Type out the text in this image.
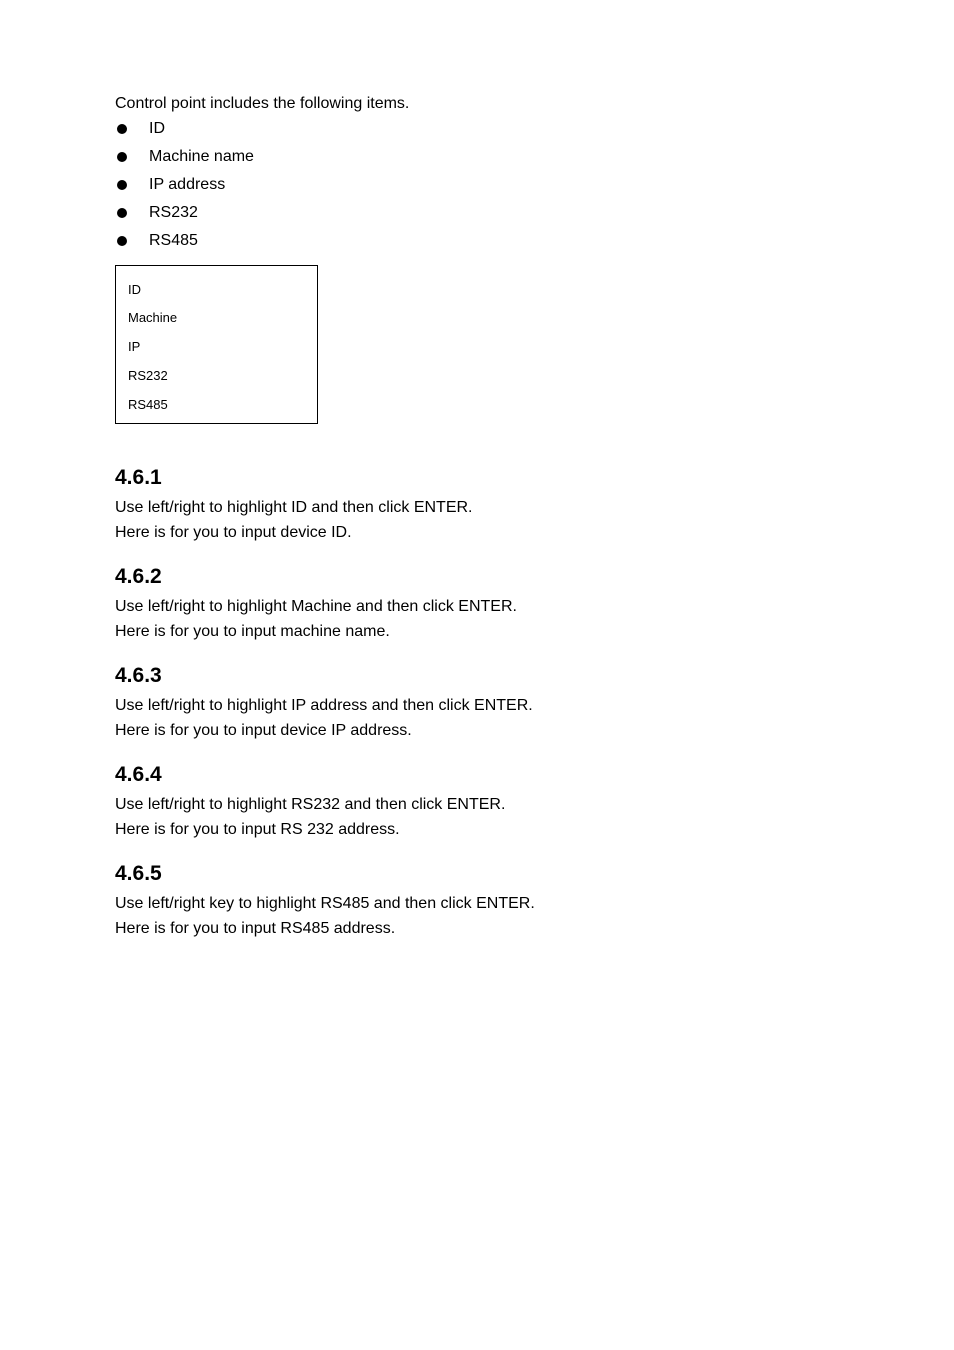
Control point includes the following items.

ID
Machine name
IP address
RS232
RS485
ID
Machine
IP
RS232
RS485
4.6.1

Use left/right to highlight ID and then click ENTER.

Here is for you to input device ID.

4.6.2

Use left/right to highlight Machine and then click ENTER.

Here is for you to input machine name.

4.6.3

Use left/right to highlight IP address and then click ENTER.

Here is for you to input device IP address.

4.6.4

Use left/right to highlight RS232 and then click ENTER.

Here is for you to input RS 232 address.

4.6.5

Use left/right key to highlight RS485 and then click ENTER.

Here is for you to input RS485 address.
